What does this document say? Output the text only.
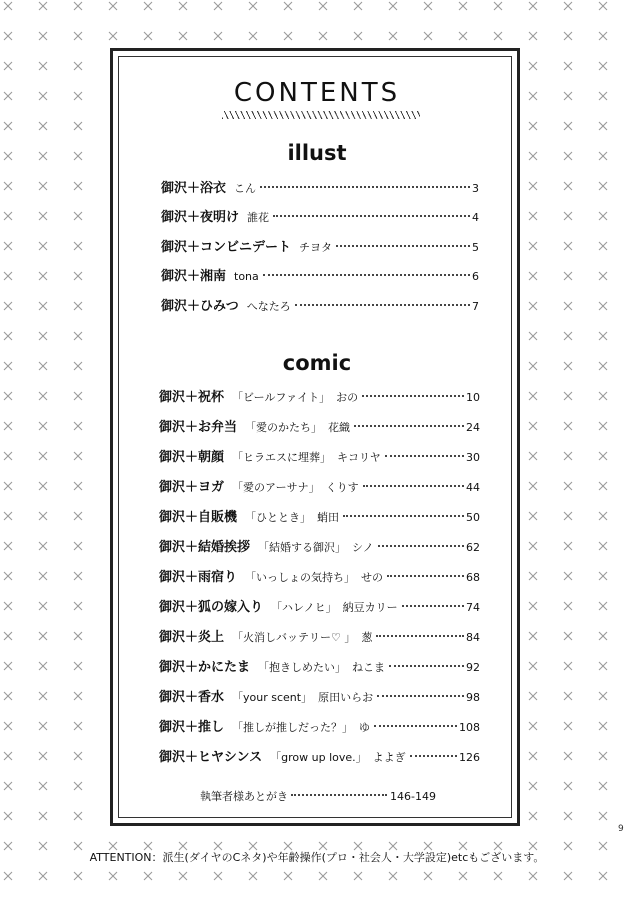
CONTENTS
illust
comic
御沢＋浴衣 こん	3
御沢＋夜明け 誰花	4
御沢＋コンビニデート チヨタ	5
御沢＋湘南 tona	6
御沢＋ひみつ へなたろ	7
御沢＋祝杯 「ビールファイト」 おの	10
御沢＋お弁当 「愛のかたち」 花織	24
御沢＋朝顔 「ヒラエスに埋葬」 キコリヤ	30
御沢＋ヨガ 「愛のアーサナ」 くりす	44
御沢＋自販機 「ひととき」 蛸田	50
御沢＋結婚挨拶 「結婚する御沢」 シノ	62
御沢＋雨宿り 「いっしょの気持ち」 せの	68
御沢＋狐の嫁入り 「ハレノヒ」 納豆カリー	74
御沢＋炎上 「火消しバッテリー♡ 」 葱	84
御沢＋かにたま 「抱きしめたい」 ねこま	92
御沢＋香水 「your scent」 原田いらお	98
御沢＋推し 「推しが推しだった？」 ゆ	108
御沢＋ヒヤシンス 「grow up love.」 よよぎ	126
執筆者様あとがき	146-149
9
ATTENTION：派生(ダイヤのCネタ)や年齢操作(プロ・社会人・大学設定)etcもございます。
